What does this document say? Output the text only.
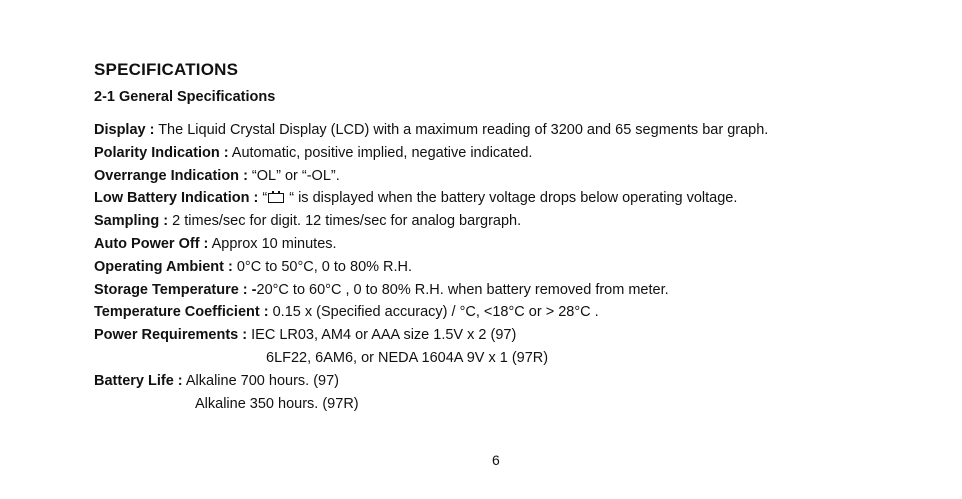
SPECIFICATIONS
2-1 General Specifications
Display : The Liquid Crystal Display (LCD) with a maximum reading of 3200 and 65 segments bar graph.
Polarity Indication : Automatic, positive implied, negative indicated.
Overrange Indication : “OL” or “-OL”.
Low Battery Indication : “ “ is displayed when the battery voltage drops below operating voltage.
Sampling : 2 times/sec for digit. 12 times/sec for analog bargraph.
Auto Power Off : Approx 10 minutes.
Operating Ambient : 0°C to 50°C, 0 to 80% R.H.
Storage Temperature : -20°C to 60°C , 0 to 80% R.H. when battery removed from meter.
Temperature Coefficient : 0.15 x (Specified accuracy) / °C, <18°C or > 28°C .
Power Requirements : IEC LR03, AM4 or AAA size 1.5V x 2 (97)
6LF22, 6AM6, or NEDA 1604A 9V x 1 (97R)
Battery Life : Alkaline 700 hours. (97)
Alkaline 350 hours. (97R)
6
